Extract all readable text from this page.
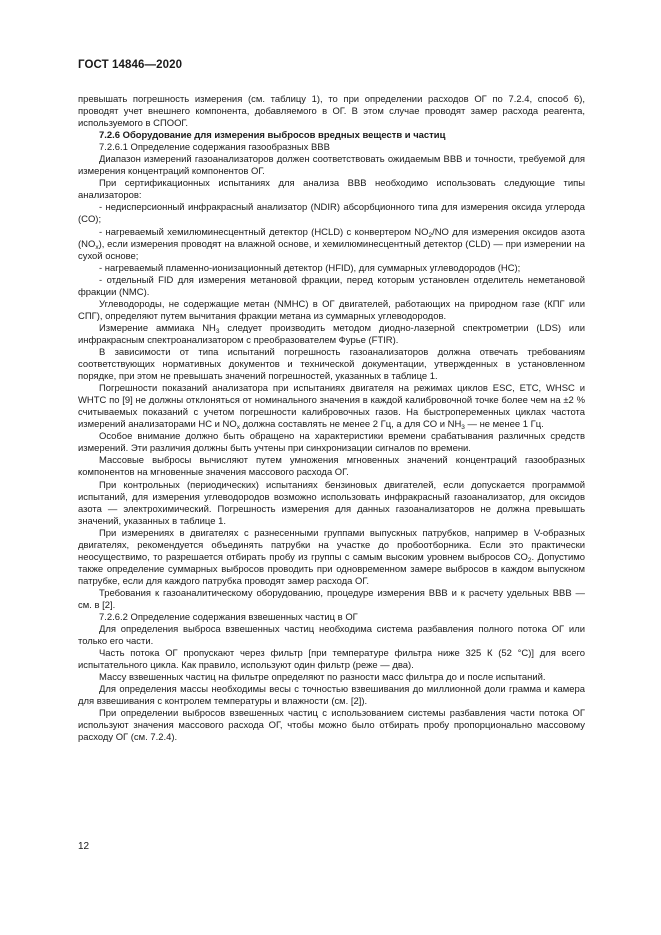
ГОСТ 14846—2020

превышать погрешность измерения (см. таблицу 1), то при определении расходов ОГ по 7.2.4, способ 6), проводят учет внешнего компонента, добавляемого в ОГ. В этом случае проводят замер расхода реагента, используемого в СПООГ.

7.2.6 Оборудование для измерения выбросов вредных веществ и частиц

7.2.6.1 Определение содержания газообразных ВВВ

Диапазон измерений газоанализаторов должен соответствовать ожидаемым ВВВ и точности, требуемой для измерения концентраций компонентов ОГ.

При сертификационных испытаниях для анализа ВВВ необходимо использовать следующие типы анализаторов:

- недисперсионный инфракрасный анализатор (NDIR) абсорбционного типа для измерения оксида углерода (CO);

- нагреваемый хемилюминесцентный детектор (HCLD) с конвертером $NO_2/NO$ для измерения оксидов азота $(NO_x)$, если измерения проводят на влажной основе, и хемилюминесцентный детектор (CLD) — при измерении на сухой основе;

- нагреваемый пламенно-ионизационный детектор (HFID), для суммарных углеводородов (HC);

- отдельный FID для измерения метановой фракции, перед которым установлен отделитель неметановой фракции (NMC).

Углеводороды, не содержащие метан (NMHC) в ОГ двигателей, работающих на природном газе (КПГ или СПГ), определяют путем вычитания фракции метана из суммарных углеводородов.

Измерение аммиака $NH_3$ следует производить методом диодно-лазерной спектрометрии (LDS) или инфракрасным спектроанализатором с преобразователем Фурье (FTIR).

В зависимости от типа испытаний погрешность газоанализаторов должна отвечать требованиям соответствующих нормативных документов и технической документации, утвержденных в установленном порядке, при этом не превышать значений погрешностей, указанных в таблице 1.

Погрешности показаний анализатора при испытаниях двигателя на режимах циклов ESC, ETC, WHSC и WHTC по [9] не должны отклоняться от номинального значения в каждой калибровочной точке более чем на ±2 % считываемых показаний с учетом погрешности калибровочных газов. На быстропеременных циклах частота измерений анализаторами HC и $NO_x$ должна составлять не менее 2 Гц, а для CO и $NH_3$ — не менее 1 Гц.

Особое внимание должно быть обращено на характеристики времени срабатывания различных средств измерений. Эти различия должны быть учтены при синхронизации сигналов по времени.

Массовые выбросы вычисляют путем умножения мгновенных значений концентраций газообразных компонентов на мгновенные значения массового расхода ОГ.

При контрольных (периодических) испытаниях бензиновых двигателей, если допускается программой испытаний, для измерения углеводородов возможно использовать инфракрасный газоанализатор, для оксидов азота — электрохимический. Погрешность измерения для данных газоанализаторов не должна превышать значений, указанных в таблице 1.

При измерениях в двигателях с разнесенными группами выпускных патрубков, например в V-образных двигателях, рекомендуется объединять патрубки на участке до пробоотборника. Если это практически неосуществимо, то разрешается отбирать пробу из группы с самым высоким уровнем выбросов $CO_2$. Допустимо также определение суммарных выбросов проводить при одновременном замере выбросов в каждом выпускном патрубке, если для каждого патрубка проводят замер расхода ОГ.

Требования к газоаналитическому оборудованию, процедуре измерения ВВВ и к расчету удельных ВВВ — см. в [2].

7.2.6.2 Определение содержания взвешенных частиц в ОГ

Для определения выброса взвешенных частиц необходима система разбавления полного потока ОГ или только его части.

Часть потока ОГ пропускают через фильтр [при температуре фильтра ниже 325 К (52 °С)] для всего испытательного цикла. Как правило, используют один фильтр (реже — два).

Массу взвешенных частиц на фильтре определяют по разности масс фильтра до и после испытаний.

Для определения массы необходимы весы с точностью взвешивания до миллионной доли грамма и камера для взвешивания с контролем температуры и влажности (см. [2]).

При определении выбросов взвешенных частиц с использованием системы разбавления части потока ОГ используют значения массового расхода ОГ, чтобы можно было отбирать пробу пропорционально массовому расходу ОГ (см. 7.2.4).

12
